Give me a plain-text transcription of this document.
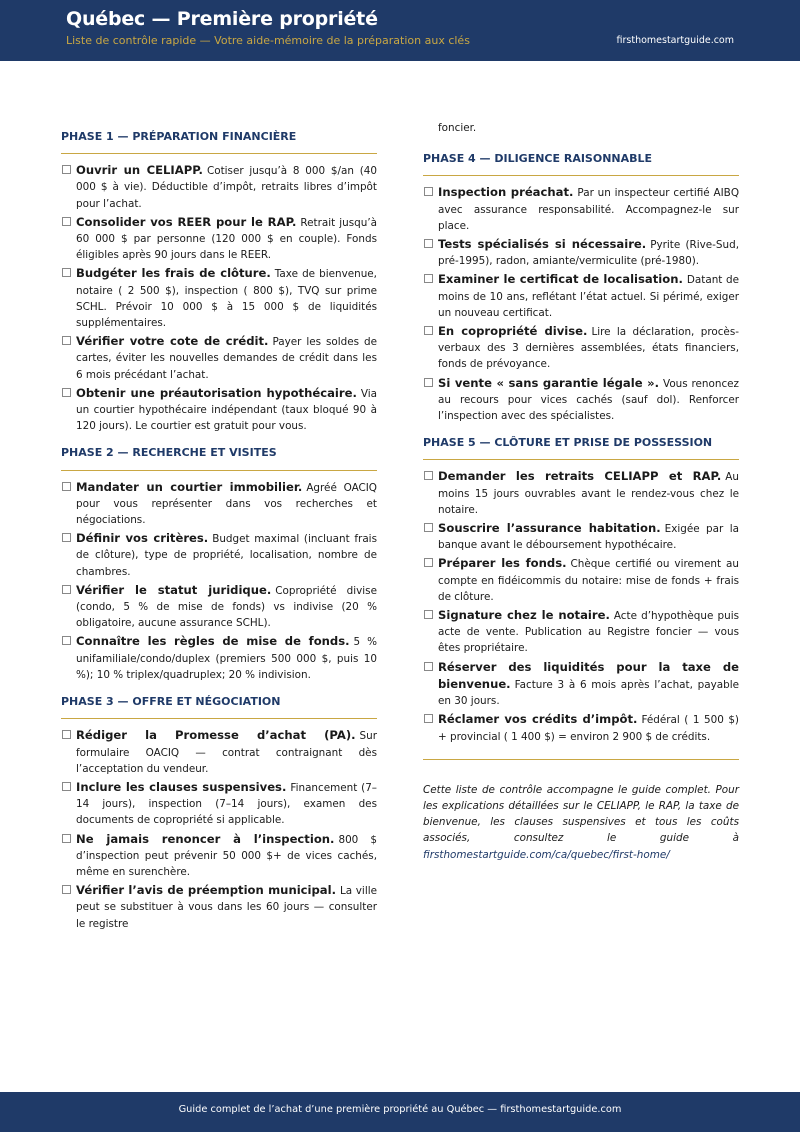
Québec — Première propriété
Liste de contrôle rapide — Votre aide-mémoire de la préparation aux clés	firsthomestartguide.com
PHASE 1 — PRÉPARATION FINANCIÈRE
Ouvrir un CELIAPP. Cotiser jusqu’à 8 000 $/an (40 000 $ à vie). Déductible d’impôt, retraits libres d’impôt pour l’achat.
Consolider vos REER pour le RAP. Retrait jusqu’à 60 000 $ par personne (120 000 $ en couple). Fonds éligibles après 90 jours dans le REER.
Budgéter les frais de clôture. Taxe de bienvenue, notaire ( 2 500 $), inspection ( 800 $), TVQ sur prime SCHL. Prévoir 10 000 $ à 15 000 $ de liquidités supplémentaires.
Vérifier votre cote de crédit. Payer les soldes de cartes, éviter les nouvelles demandes de crédit dans les 6 mois précédant l’achat.
Obtenir une préautorisation hypothécaire. Via un courtier hypothécaire indépendant (taux bloqué 90 à 120 jours). Le courtier est gratuit pour vous.
PHASE 2 — RECHERCHE ET VISITES
Mandater un courtier immobilier. Agréé OACIQ pour vous représenter dans vos recherches et négociations.
Définir vos critères. Budget maximal (incluant frais de clôture), type de propriété, localisation, nombre de chambres.
Vérifier le statut juridique. Copropriété divise (condo, 5 % de mise de fonds) vs indivise (20 % obligatoire, aucune assurance SCHL).
Connaître les règles de mise de fonds. 5 % unifamiliale/condo/duplex (premiers 500 000 $, puis 10 %); 10 % triplex/quadruplex; 20 % indivision.
PHASE 3 — OFFRE ET NÉGOCIATION
Rédiger la Promesse d’achat (PA). Sur formulaire OACIQ — contrat contraignant dès l’acceptation du vendeur.
Inclure les clauses suspensives. Financement (7–14 jours), inspection (7–14 jours), examen des documents de copropriété si applicable.
Ne jamais renoncer à l’inspection. 800 $ d’inspection peut prévenir 50 000 $+ de vices cachés, même en surenchère.
Vérifier l’avis de préemption municipal. La ville peut se substituer à vous dans les 60 jours — consulter le registre
foncier.
PHASE 4 — DILIGENCE RAISONNABLE
Inspection préachat. Par un inspecteur certifié AIBQ avec assurance responsabilité. Accompagnez-le sur place.
Tests spécialisés si nécessaire. Pyrite (Rive-Sud, pré-1995), radon, amiante/vermiculite (pré-1980).
Examiner le certificat de localisation. Datant de moins de 10 ans, reflétant l’état actuel. Si périmé, exiger un nouveau certificat.
En copropriété divise. Lire la déclaration, procès-verbaux des 3 dernières assemblées, états financiers, fonds de prévoyance.
Si vente « sans garantie légale ». Vous renoncez au recours pour vices cachés (sauf dol). Renforcer l’inspection avec des spécialistes.
PHASE 5 — CLÔTURE ET PRISE DE POSSESSION
Demander les retraits CELIAPP et RAP. Au moins 15 jours ouvrables avant le rendez-vous chez le notaire.
Souscrire l’assurance habitation. Exigée par la banque avant le déboursement hypothécaire.
Préparer les fonds. Chèque certifié ou virement au compte en fidéicommis du notaire: mise de fonds + frais de clôture.
Signature chez le notaire. Acte d’hypothèque puis acte de vente. Publication au Registre foncier — vous êtes propriétaire.
Réserver des liquidités pour la taxe de bienvenue. Facture 3 à 6 mois après l’achat, payable en 30 jours.
Réclamer vos crédits d’impôt. Fédéral ( 1 500 $) + provincial ( 1 400 $) = environ 2 900 $ de crédits.
Cette liste de contrôle accompagne le guide complet. Pour les explications détaillées sur le CELIAPP, le RAP, la taxe de bienvenue, les clauses suspensives et tous les coûts associés, consultez le guide à firsthomestartguide.com/ca/quebec/first-home/
Guide complet de l’achat d’une première propriété au Québec — firsthomestartguide.com
